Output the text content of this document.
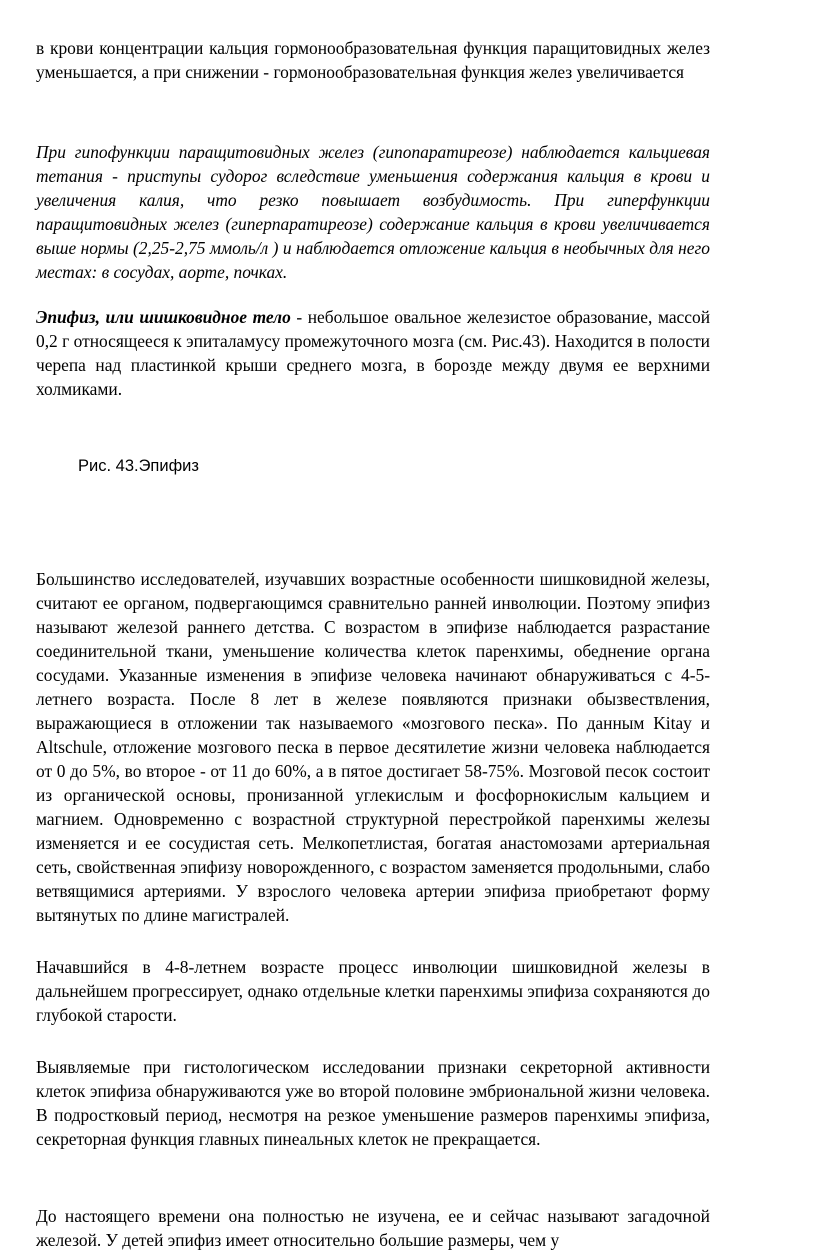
в крови концентрации кальция гормонообразовательная функция паращитовидных желез уменьшается, а при снижении - гормонообразовательная функция желез увеличивается

При гипофункции паращитовидных желез (гипопаратиреозе) наблюдается кальциевая тетания - приступы судорог вследствие уменьшения содержания кальция в крови и увеличения калия, что резко повышает возбудимость. При гиперфункции паращитовидных желез (гиперпаратиреозе) содержание кальция в крови увеличивается выше нормы (2,25-2,75 ммоль/л ) и наблюдается отложение кальция в необычных для него местах: в сосудах, аорте, почках.

Эпифиз, или шишковидное тело - небольшое овальное железистое образование, массой 0,2 г относящееся к эпиталамусу промежуточного мозга (см. Рис.43). Находится в полости черепа над пластинкой крыши среднего мозга, в борозде между двумя ее верхними холмиками.

Рис. 43.Эпифиз

Большинство исследователей, изучавших возрастные особенности шишковидной железы, считают ее органом, подвергающимся сравнительно ранней инволюции. Поэтому эпифиз называют железой раннего детства. С возрастом в эпифизе наблюдается разрастание соединительной ткани, уменьшение количества клеток паренхимы, обеднение органа сосудами. Указанные изменения в эпифизе человека начинают обнаруживаться с 4-5-летнего возраста. После 8 лет в железе появляются признаки обызвествления, выражающиеся в отложении так называемого «мозгового песка». По данным Kitay и Altschule, отложение мозгового песка в первое десятилетие жизни человека наблюдается от 0 до 5%, во второе - от 11 до 60%, а в пятое достигает 58-75%. Мозговой песок состоит из органической основы, пронизанной углекислым и фосфорнокислым кальцием и магнием. Одновременно с возрастной структурной перестройкой паренхимы железы изменяется и ее сосудистая сеть. Мелкопетлистая, богатая анастомозами артериальная сеть, свойственная эпифизу новорожденного, с возрастом заменяется продольными, слабо ветвящимися артериями. У взрослого человека артерии эпифиза приобретают форму вытянутых по длине магистралей.

Начавшийся в 4-8-летнем возрасте процесс инволюции шишковидной железы в дальнейшем прогрессирует, однако отдельные клетки паренхимы эпифиза сохраняются до глубокой старости.

Выявляемые при гистологическом исследовании признаки секреторной активности клеток эпифиза обнаруживаются уже во второй половине эмбриональной жизни человека. В подростковый период, несмотря на резкое уменьшение размеров паренхимы эпифиза, секреторная функция главных пинеальных клеток не прекращается.

До настоящего времени она полностью не изучена, ее и сейчас называют загадочной железой. У детей эпифиз имеет относительно большие размеры, чем у
